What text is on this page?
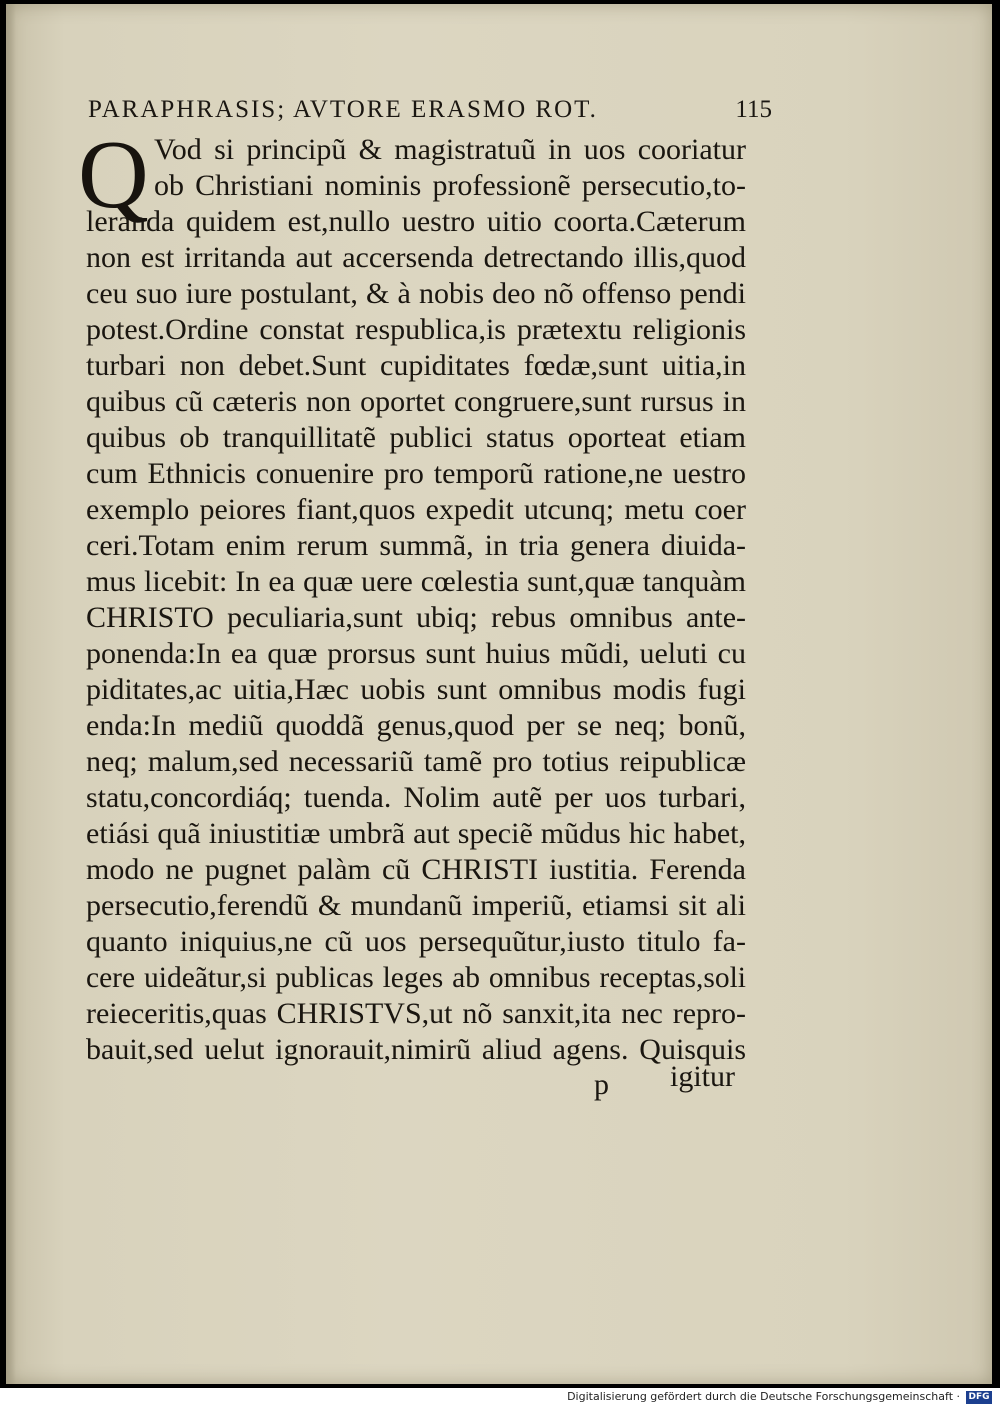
PARAPHRASIS; AVTORE ERASMO ROT.	115
Q Vod si principũ & magistratuũ in uos cooriatur
ob Christiani nominis professionẽ persecutio,to-
leranda quidem est,nullo uestro uitio coorta.Cæterum
non est irritanda aut accersenda detrectando illis,quod
ceu suo iure postulant, & à nobis deo nõ offenso pendi
potest.Ordine constat respublica,is prætextu religionis
turbari non debet.Sunt cupiditates fœdæ,sunt uitia,in
quibus cũ cæteris non oportet congruere,sunt rursus in
quibus ob tranquillitatẽ publici status oporteat etiam
cum Ethnicis conuenire pro temporũ ratione,ne uestro
exemplo peiores fiant,quos expedit utcunq; metu coer
ceri.Totam enim rerum summã, in tria genera diuida-
mus licebit: In ea quæ uere cœlestia sunt,quæ tanquàm
CHRISTO peculiaria,sunt ubiq; rebus omnibus ante-
ponenda:In ea quæ prorsus sunt huius mũdi, ueluti cu
piditates,ac uitia,Hæc uobis sunt omnibus modis fugi
enda:In mediũ quoddã genus,quod per se neq; bonũ,
neq; malum,sed necessariũ tamẽ pro totius reipublicæ
statu,concordiáq; tuenda. Nolim autẽ per uos turbari,
etiási quã iniustitiæ umbrã aut speciẽ mũdus hic habet,
modo ne pugnet palàm cũ CHRISTI iustitia. Ferenda
persecutio,ferendũ & mundanũ imperiũ, etiamsi sit ali
quanto iniquius,ne cũ uos persequũtur,iusto titulo fa-
cere uideãtur,si publicas leges ab omnibus receptas,soli
reieceritis,quas CHRISTVS,ut nõ sanxit,ita nec repro-
bauit,sed uelut ignorauit,nimirũ aliud agens. Quisquis
p igitur
Digitalisierung gefördert durch die Deutsche Forschungsgemeinschaft · DFG
